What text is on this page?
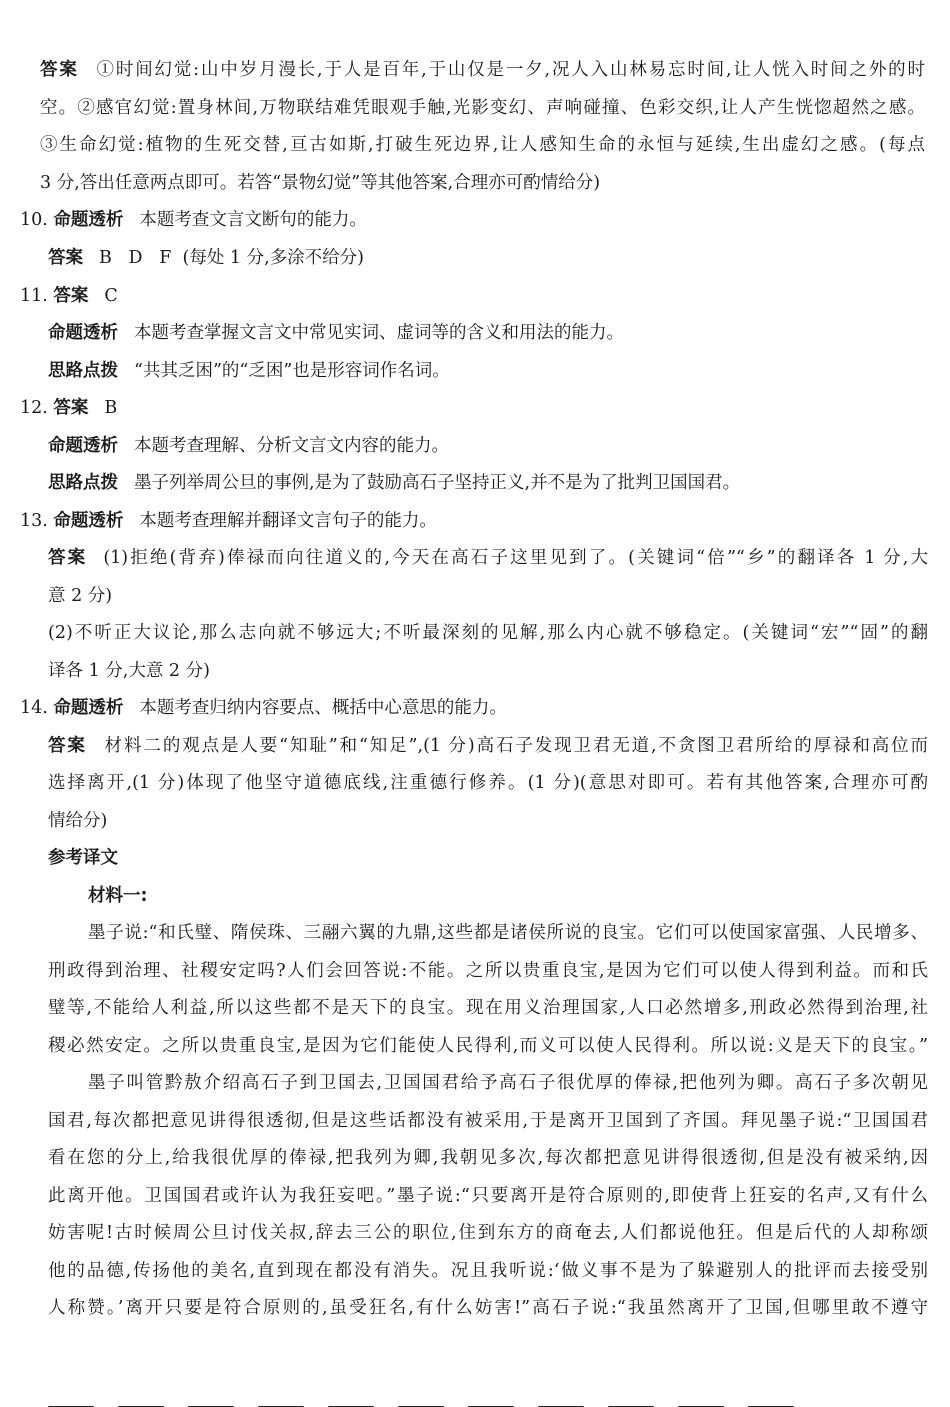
答案 ①时间幻觉:山中岁月漫长,于人是百年,于山仅是一夕,况人入山林易忘时间,让人恍入时间之外的时
空。②感官幻觉:置身林间,万物联结难凭眼观手触,光影变幻、声响碰撞、色彩交织,让人产生恍惚超然之感。
③生命幻觉:植物的生死交替,亘古如斯,打破生死边界,让人感知生命的永恒与延续,生出虚幻之感。(每点
3 分,答出任意两点即可。若答“景物幻觉”等其他答案,合理亦可酌情给分)
10. 命题透析 本题考查文言文断句的能力。
答案 B   D   F  (每处 1 分,多涂不给分)
11. 答案 C
命题透析 本题考查掌握文言文中常见实词、虚词等的含义和用法的能力。
思路点拨 “共其乏困”的“乏困”也是形容词作名词。
12. 答案 B
命题透析 本题考查理解、分析文言文内容的能力。
思路点拨 墨子列举周公旦的事例,是为了鼓励高石子坚持正义,并不是为了批判卫国国君。
13. 命题透析 本题考查理解并翻译文言句子的能力。
答案 (1)拒绝(背弃)俸禄而向往道义的,今天在高石子这里见到了。(关键词“倍”“乡”的翻译各 1 分,大
意 2 分)
(2)不听正大议论,那么志向就不够远大;不听最深刻的见解,那么内心就不够稳定。(关键词“宏”“固”的翻
译各 1 分,大意 2 分)
14. 命题透析 本题考查归纳内容要点、概括中心意思的能力。
答案 材料二的观点是人要“知耻”和“知足”,(1 分)高石子发现卫君无道,不贪图卫君所给的厚禄和高位而
选择离开,(1 分)体现了他坚守道德底线,注重德行修养。(1 分)(意思对即可。若有其他答案,合理亦可酌
情给分)
参考译文
材料一:
墨子说:“和氏璧、隋侯珠、三翮六翼的九鼎,这些都是诸侯所说的良宝。它们可以使国家富强、人民增多、
刑政得到治理、社稷安定吗?人们会回答说:不能。之所以贵重良宝,是因为它们可以使人得到利益。而和氏
璧等,不能给人利益,所以这些都不是天下的良宝。现在用义治理国家,人口必然增多,刑政必然得到治理,社
稷必然安定。之所以贵重良宝,是因为它们能使人民得利,而义可以使人民得利。所以说:义是天下的良宝。”
墨子叫管黔敖介绍高石子到卫国去,卫国国君给予高石子很优厚的俸禄,把他列为卿。高石子多次朝见
国君,每次都把意见讲得很透彻,但是这些话都没有被采用,于是离开卫国到了齐国。拜见墨子说:“卫国国君
看在您的分上,给我很优厚的俸禄,把我列为卿,我朝见多次,每次都把意见讲得很透彻,但是没有被采纳,因
此离开他。卫国国君或许认为我狂妄吧。”墨子说:“只要离开是符合原则的,即使背上狂妄的名声,又有什么
妨害呢!古时候周公旦讨伐关叔,辞去三公的职位,住到东方的商奄去,人们都说他狂。但是后代的人却称颂
他的品德,传扬他的美名,直到现在都没有消失。况且我听说:‘做义事不是为了躲避别人的批评而去接受别
人称赞。’离开只要是符合原则的,虽受狂名,有什么妨害!”高石子说:“我虽然离开了卫国,但哪里敢不遵守
